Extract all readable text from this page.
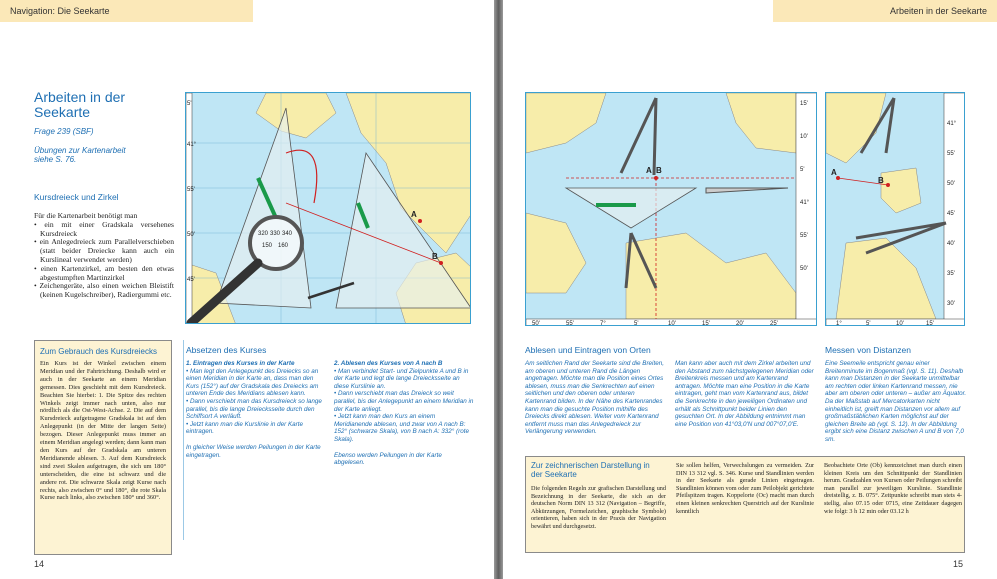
Navigation: Die Seekarte
Arbeiten in der Seekarte
Frage 239 (SBF)
Übungen zur Kartenarbeit siehe S. 76.
Kursdreieck und Zirkel
Für die Kartenarbeit benötigt man
• ein mit einer Gradskala versehenes Kursdreieck
• ein Anlegedreieck zum Parallelverschieben (statt beider Dreiecke kann auch ein Kurslineal verwendet werden)
• einen Kartenzirkel, am besten den etwas abgestumpften Martinzirkel
• Zeichengeräte, also einen weichen Bleistift (keinen Kugelschreiber), Radiergummi etc.
320 330 340
150 160
A
B
5'
41°
55'
50'
45'
Zum Gebrauch des Kursdreiecks
Ein Kurs ist der Winkel zwischen einem Meridian und der Fahrtrichtung. Deshalb wird er auch in der Seekarte an einem Meridian gemessen. Dies geschieht mit dem Kursdreieck. Beachten Sie hierbei: 1. Die Spitze des rechten Winkels zeigt immer nach unten, also nur nördlich als die Ost-West-Achse. 2. Die auf dem Kursdreieck aufgetragene Gradskala ist auf den Anlegepunkt (in der Mitte der langen Seite) bezogen. Dieser Anlegepunkt muss immer an einem Meridian angelegt werden; dann kann man den Kurs auf der Gradskala am unteren Meridianende ablesen. 3. Auf dem Kursdreieck sind zwei Skalen aufgetragen, die sich um 180° unterscheiden, die eine ist schwarz und die andere rot. Die schwarze Skala zeigt Kurse nach rechts, also zwischen 0° und 180°, die rote Skala Kurse nach links, also zwischen 180° und 360°.
Absetzen des Kurses
1. Eintragen des Kurses in der Karte
• Man legt den Anlegepunkt des Dreiecks so an einen Meridian in der Karte an, dass man den Kurs (152°) auf der Gradskala des Dreiecks am unteren Ende des Meridians ablesen kann.
• Dann verschiebt man das Kursdreieck so lange parallel, bis die lange Dreiecksseite durch den Schiffsort A verläuft.
• Jetzt kann man die Kurslinie in der Karte eintragen.
In gleicher Weise werden Peilungen in der Karte eingetragen.
2. Ablesen des Kurses von A nach B
• Man verbindet Start- und Zielpunkte A und B in der Karte und legt die lange Dreiecksseite an diese Kurslinie an.
• Dann verschiebt man das Dreieck so weit parallel, bis der Anlegepunkt an einem Meridian in der Karte anliegt.
• Jetzt kann man den Kurs an einem Meridianende ablesen, und zwar von A nach B: 152° (schwarze Skala), von B nach A: 332° (rote Skala).
Ebenso werden Peilungen in der Karte abgelesen.
14
Arbeiten in der Seekarte
A B
15'
10'
5'
41°
55'
50'
50'	55'	7°	5'	10'	15'	20'	25'
A
B
41°
55'
50'
45'
40'
35'
30'
1°	5'	10'	15'
Ablesen und Eintragen von Orten
Am seitlichen Rand der Seekarte sind die Breiten, am oberen und unteren Rand die Längen angetragen. Möchte man die Position eines Ortes ablesen, muss man die Senkrechten auf einen seitlichen und den oberen oder unteren Kartenrand bilden. In der Nähe des Kartenrandes kann man die gesuchte Position mithilfe des Dreiecks direkt ablesen. Weiter vom Kartenrand entfernt muss man das Anlegedreieck zur Verlängerung verwenden.
Man kann aber auch mit dem Zirkel arbeiten und den Abstand zum nächstgelegenen Meridian oder Breitenkreis messen und am Kartenrand antragen. Möchte man eine Position in die Karte eintragen, geht man vom Kartenrand aus, bildet die Senkrechte in den jeweiligen Ordinaten und erhält als Schnittpunkt beider Linien den gesuchten Ort. In der Abbildung entnimmt man eine Position von 41°03,0'N und 007°07,0'E.
Messen von Distanzen
Eine Seemeile entspricht genau einer Breitenminute im Bogenmaß (vgl. S. 11). Deshalb kann man Distanzen in der Seekarte unmittelbar am rechten oder linken Kartenrand messen, nie aber am oberen oder unteren – außer am Äquator. Da der Maßstab auf Mercatorkarten nicht einheitlich ist, greift man Distanzen vor allem auf großmaßstäblichen Karten möglichst auf der gleichen Breite ab (vgl. S. 12). In der Abbildung ergibt sich eine Distanz zwischen A und B von 7,0 sm.
Zur zeichnerischen Darstellung in der Seekarte
Die folgenden Regeln zur grafischen Darstellung und Bezeichnung in der Seekarte, die sich an der deutschen Norm DIN 13 312 (Navigation – Begriffe, Abkürzungen, Formelzeichen, graphische Symbole) orientieren, haben sich in der Praxis der Navigation bewährt und durchgesetzt.
Sie sollen helfen, Verwechslungen zu vermeiden. Zur DIN 13 312 vgl. S. 346. Kurse und Standlinien werden in der Seekarte als gerade Linien eingetragen. Standlinien können vom oder zum Peilobjekt gerichtete Pfeilspitzen tragen. Koppelorte (Oc) macht man durch einen kleinen senkrechten Querstrich auf der Kurslinie kenntlich
Beobachtete Orte (Ob) kennzeichnet man durch einen kleinen Kreis um den Schnittpunkt der Standlinien herum. Gradzahlen von Kursen oder Peilungen schreibt man parallel zur jeweiligen Kurslinie. Standlinie dreistellig, z. B. 075°. Zeitpunkte schreibt man stets 4-stellig, also 07.15 oder 0715, eine Zeitdauer dagegen wie folgt: 3 h 12 min oder 03.12 h
15
